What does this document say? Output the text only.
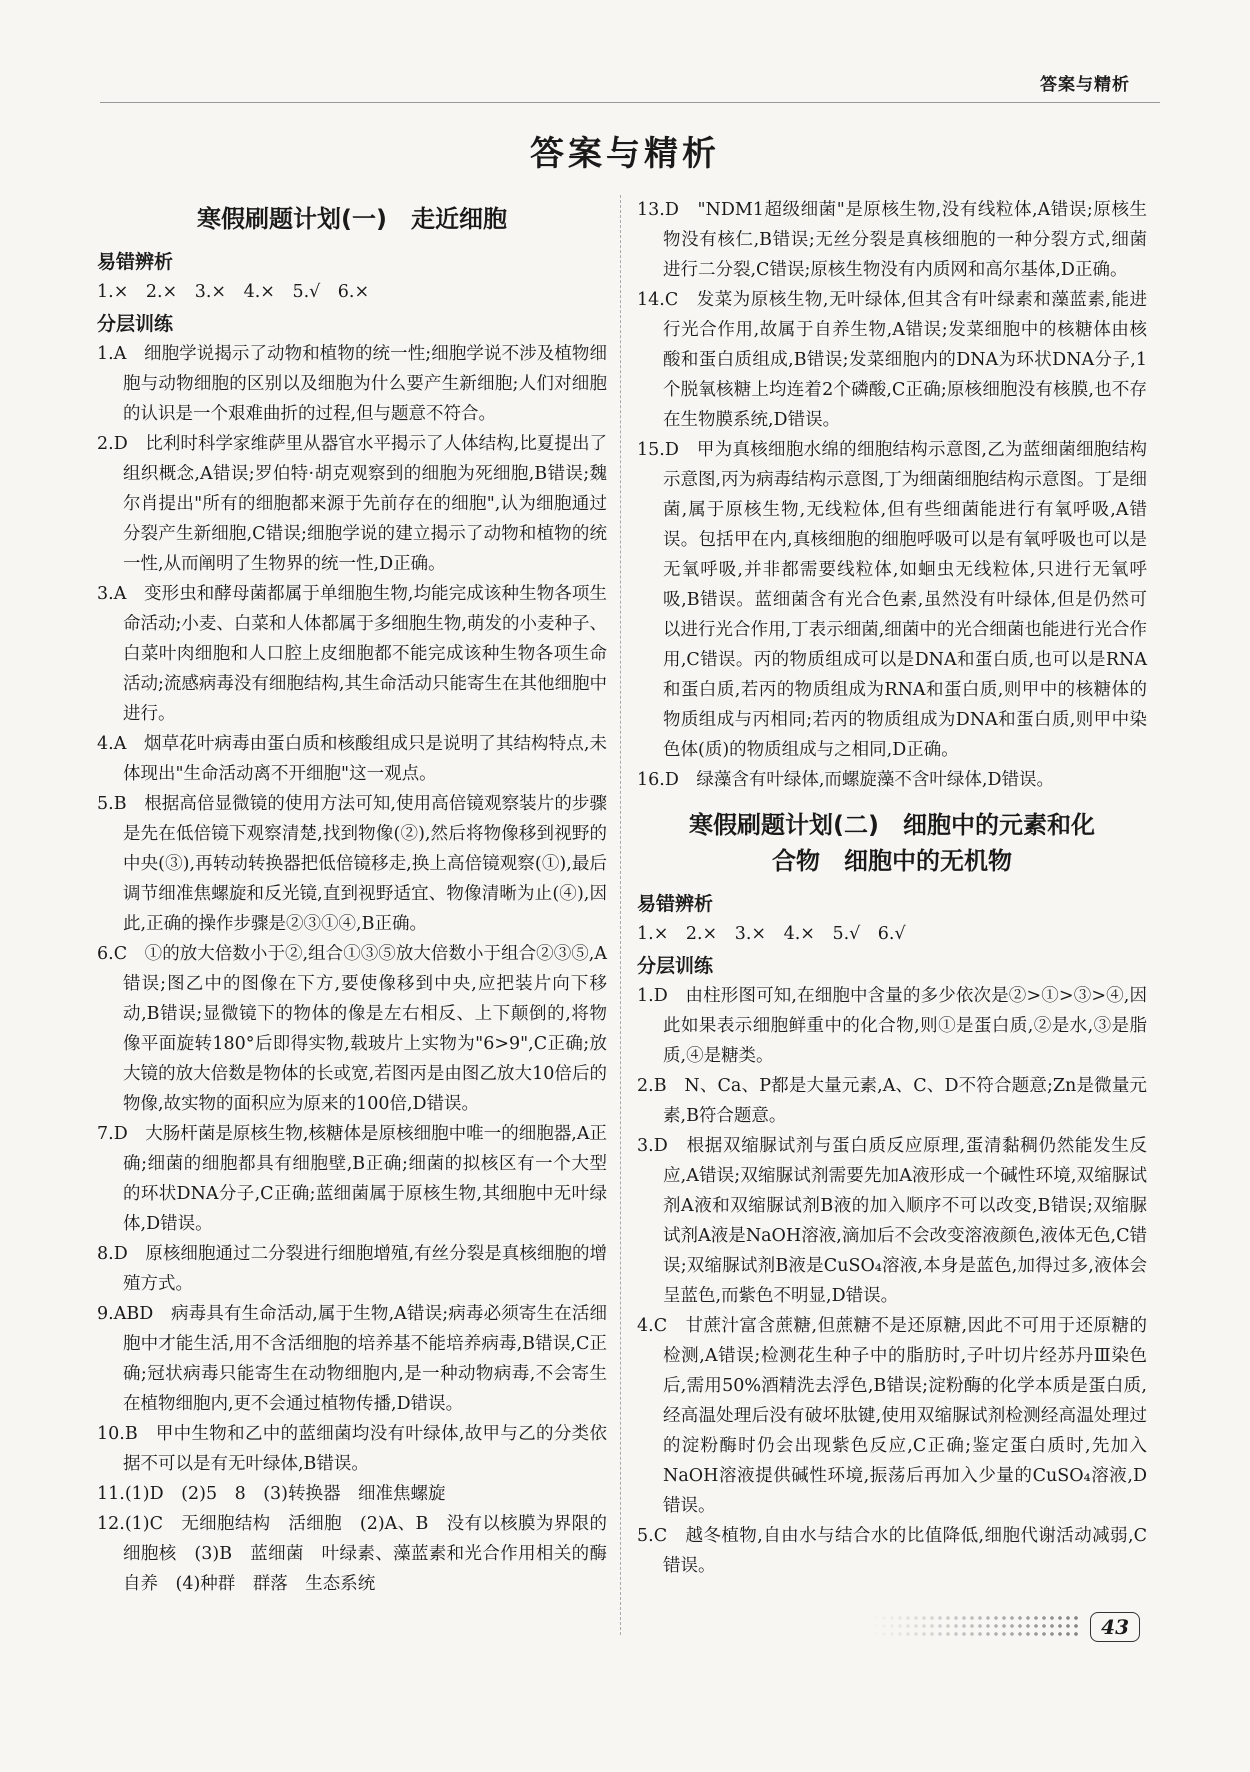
答案与精析
答案与精析
寒假刷题计划(一)　走近细胞
易错辨析
1.×　2.×　3.×　4.×　5.√　6.×
分层训练
1.A　细胞学说揭示了动物和植物的统一性;细胞学说不涉及植物细胞与动物细胞的区别以及细胞为什么要产生新细胞;人们对细胞的认识是一个艰难曲折的过程,但与题意不符合。
2.D　比利时科学家维萨里从器官水平揭示了人体结构,比夏提出了组织概念,A错误;罗伯特·胡克观察到的细胞为死细胞,B错误;魏尔肖提出"所有的细胞都来源于先前存在的细胞",认为细胞通过分裂产生新细胞,C错误;细胞学说的建立揭示了动物和植物的统一性,从而阐明了生物界的统一性,D正确。
3.A　变形虫和酵母菌都属于单细胞生物,均能完成该种生物各项生命活动;小麦、白菜和人体都属于多细胞生物,萌发的小麦种子、白菜叶肉细胞和人口腔上皮细胞都不能完成该种生物各项生命活动;流感病毒没有细胞结构,其生命活动只能寄生在其他细胞中进行。
4.A　烟草花叶病毒由蛋白质和核酸组成只是说明了其结构特点,未体现出"生命活动离不开细胞"这一观点。
5.B　根据高倍显微镜的使用方法可知,使用高倍镜观察装片的步骤是先在低倍镜下观察清楚,找到物像(②),然后将物像移到视野的中央(③),再转动转换器把低倍镜移走,换上高倍镜观察(①),最后调节细准焦螺旋和反光镜,直到视野适宜、物像清晰为止(④),因此,正确的操作步骤是②③①④,B正确。
6.C　①的放大倍数小于②,组合①③⑤放大倍数小于组合②③⑤,A错误;图乙中的图像在下方,要使像移到中央,应把装片向下移动,B错误;显微镜下的物体的像是左右相反、上下颠倒的,将物像平面旋转180°后即得实物,载玻片上实物为"6>9",C正确;放大镜的放大倍数是物体的长或宽,若图丙是由图乙放大10倍后的物像,故实物的面积应为原来的100倍,D错误。
7.D　大肠杆菌是原核生物,核糖体是原核细胞中唯一的细胞器,A正确;细菌的细胞都具有细胞壁,B正确;细菌的拟核区有一个大型的环状DNA分子,C正确;蓝细菌属于原核生物,其细胞中无叶绿体,D错误。
8.D　原核细胞通过二分裂进行细胞增殖,有丝分裂是真核细胞的增殖方式。
9.ABD　病毒具有生命活动,属于生物,A错误;病毒必须寄生在活细胞中才能生活,用不含活细胞的培养基不能培养病毒,B错误,C正确;冠状病毒只能寄生在动物细胞内,是一种动物病毒,不会寄生在植物细胞内,更不会通过植物传播,D错误。
10.B　甲中生物和乙中的蓝细菌均没有叶绿体,故甲与乙的分类依据不可以是有无叶绿体,B错误。
11.(1)D　(2)5　8　(3)转换器　细准焦螺旋
12.(1)C　无细胞结构　活细胞　(2)A、B　没有以核膜为界限的细胞核　(3)B　蓝细菌　叶绿素、藻蓝素和光合作用相关的酶　自养　(4)种群　群落　生态系统
13.D　"NDM1超级细菌"是原核生物,没有线粒体,A错误;原核生物没有核仁,B错误;无丝分裂是真核细胞的一种分裂方式,细菌进行二分裂,C错误;原核生物没有内质网和高尔基体,D正确。
14.C　发菜为原核生物,无叶绿体,但其含有叶绿素和藻蓝素,能进行光合作用,故属于自养生物,A错误;发菜细胞中的核糖体由核酸和蛋白质组成,B错误;发菜细胞内的DNA为环状DNA分子,1个脱氧核糖上均连着2个磷酸,C正确;原核细胞没有核膜,也不存在生物膜系统,D错误。
15.D　甲为真核细胞水绵的细胞结构示意图,乙为蓝细菌细胞结构示意图,丙为病毒结构示意图,丁为细菌细胞结构示意图。丁是细菌,属于原核生物,无线粒体,但有些细菌能进行有氧呼吸,A错误。包括甲在内,真核细胞的细胞呼吸可以是有氧呼吸也可以是无氧呼吸,并非都需要线粒体,如蛔虫无线粒体,只进行无氧呼吸,B错误。蓝细菌含有光合色素,虽然没有叶绿体,但是仍然可以进行光合作用,丁表示细菌,细菌中的光合细菌也能进行光合作用,C错误。丙的物质组成可以是DNA和蛋白质,也可以是RNA和蛋白质,若丙的物质组成为RNA和蛋白质,则甲中的核糖体的物质组成与丙相同;若丙的物质组成为DNA和蛋白质,则甲中染色体(质)的物质组成与之相同,D正确。
16.D　绿藻含有叶绿体,而螺旋藻不含叶绿体,D错误。
寒假刷题计划(二)　细胞中的元素和化
合物　细胞中的无机物
易错辨析
1.×　2.×　3.×　4.×　5.√　6.√
分层训练
1.D　由柱形图可知,在细胞中含量的多少依次是②>①>③>④,因此如果表示细胞鲜重中的化合物,则①是蛋白质,②是水,③是脂质,④是糖类。
2.B　N、Ca、P都是大量元素,A、C、D不符合题意;Zn是微量元素,B符合题意。
3.D　根据双缩脲试剂与蛋白质反应原理,蛋清黏稠仍然能发生反应,A错误;双缩脲试剂需要先加A液形成一个碱性环境,双缩脲试剂A液和双缩脲试剂B液的加入顺序不可以改变,B错误;双缩脲试剂A液是NaOH溶液,滴加后不会改变溶液颜色,液体无色,C错误;双缩脲试剂B液是CuSO₄溶液,本身是蓝色,加得过多,液体会呈蓝色,而紫色不明显,D错误。
4.C　甘蔗汁富含蔗糖,但蔗糖不是还原糖,因此不可用于还原糖的检测,A错误;检测花生种子中的脂肪时,子叶切片经苏丹Ⅲ染色后,需用50%酒精洗去浮色,B错误;淀粉酶的化学本质是蛋白质,经高温处理后没有破坏肽键,使用双缩脲试剂检测经高温处理过的淀粉酶时仍会出现紫色反应,C正确;鉴定蛋白质时,先加入NaOH溶液提供碱性环境,振荡后再加入少量的CuSO₄溶液,D错误。
5.C　越冬植物,自由水与结合水的比值降低,细胞代谢活动减弱,C错误。
43
